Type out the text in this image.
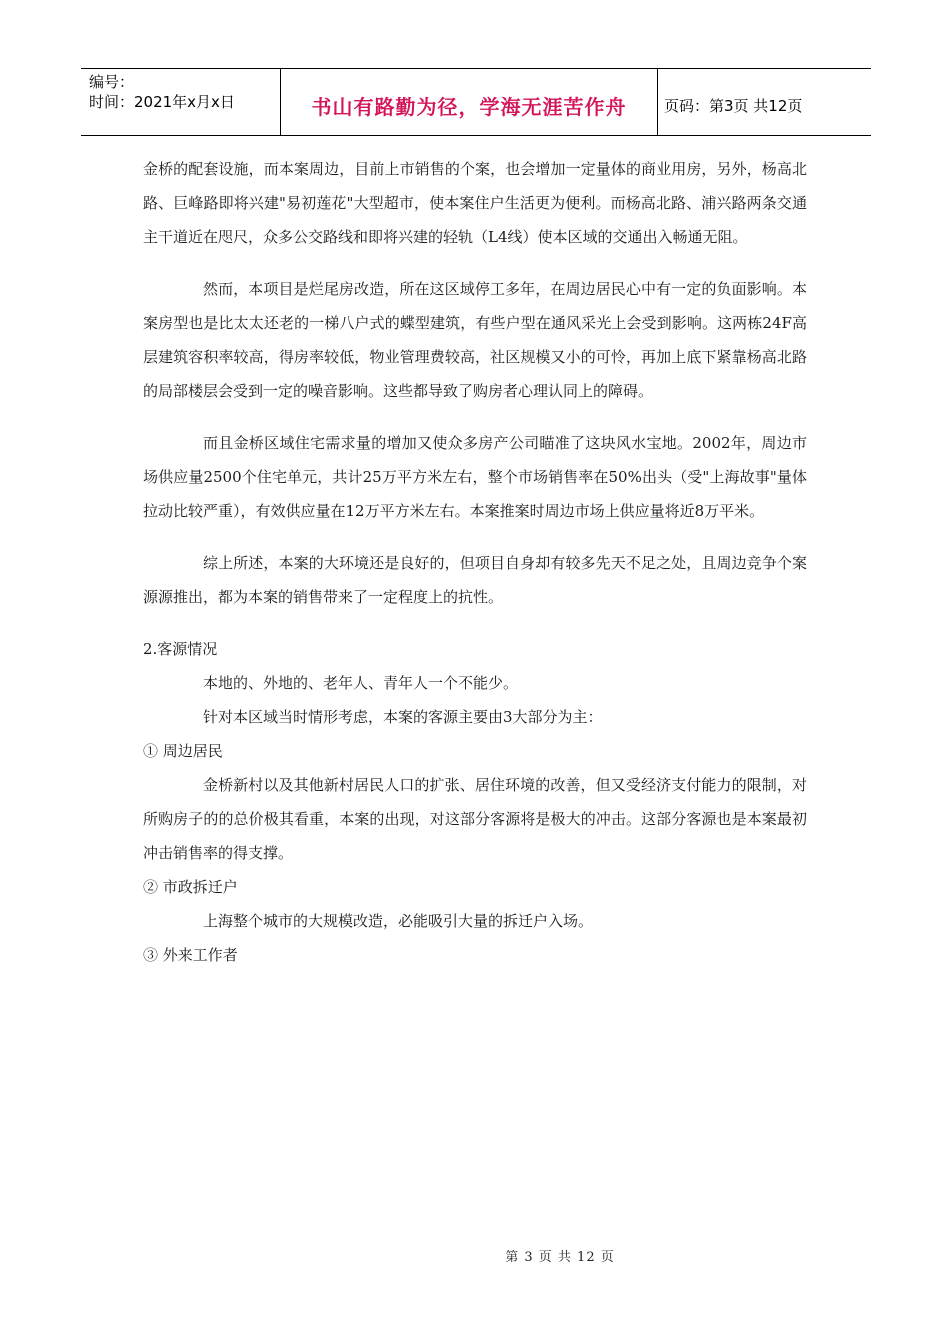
编号：
时间：2021年x月x日	书山有路勤为径，学海无涯苦作舟	页码：第3页 共12页

金桥的配套设施，而本案周边，目前上市销售的个案，也会增加一定量体的商业用房，另外，杨高北路、巨峰路即将兴建"易初莲花"大型超市，使本案住户生活更为便利。而杨高北路、浦兴路两条交通主干道近在咫尺，众多公交路线和即将兴建的轻轨（L4线）使本区域的交通出入畅通无阻。

然而，本项目是烂尾房改造，所在这区域停工多年，在周边居民心中有一定的负面影响。本案房型也是比太太还老的一梯八户式的蝶型建筑，有些户型在通风采光上会受到影响。这两栋24F高层建筑容积率较高，得房率较低，物业管理费较高，社区规模又小的可怜，再加上底下紧靠杨高北路的局部楼层会受到一定的噪音影响。这些都导致了购房者心理认同上的障碍。

而且金桥区域住宅需求量的增加又使众多房产公司瞄准了这块风水宝地。2002年，周边市场供应量2500个住宅单元，共计25万平方米左右，整个市场销售率在50%出头（受"上海故事"量体拉动比较严重），有效供应量在12万平方米左右。本案推案时周边市场上供应量将近8万平米。

综上所述，本案的大环境还是良好的，但项目自身却有较多先天不足之处，且周边竞争个案源源推出，都为本案的销售带来了一定程度上的抗性。

2.客源情况

本地的、外地的、老年人、青年人一个不能少。

针对本区域当时情形考虑，本案的客源主要由3大部分为主：

① 周边居民

金桥新村以及其他新村居民人口的扩张、居住环境的改善，但又受经济支付能力的限制，对所购房子的的总价极其看重，本案的出现，对这部分客源将是极大的冲击。这部分客源也是本案最初冲击销售率的得支撑。

② 市政拆迁户

上海整个城市的大规模改造，必能吸引大量的拆迁户入场。

③ 外来工作者

第 3 页 共 12 页
